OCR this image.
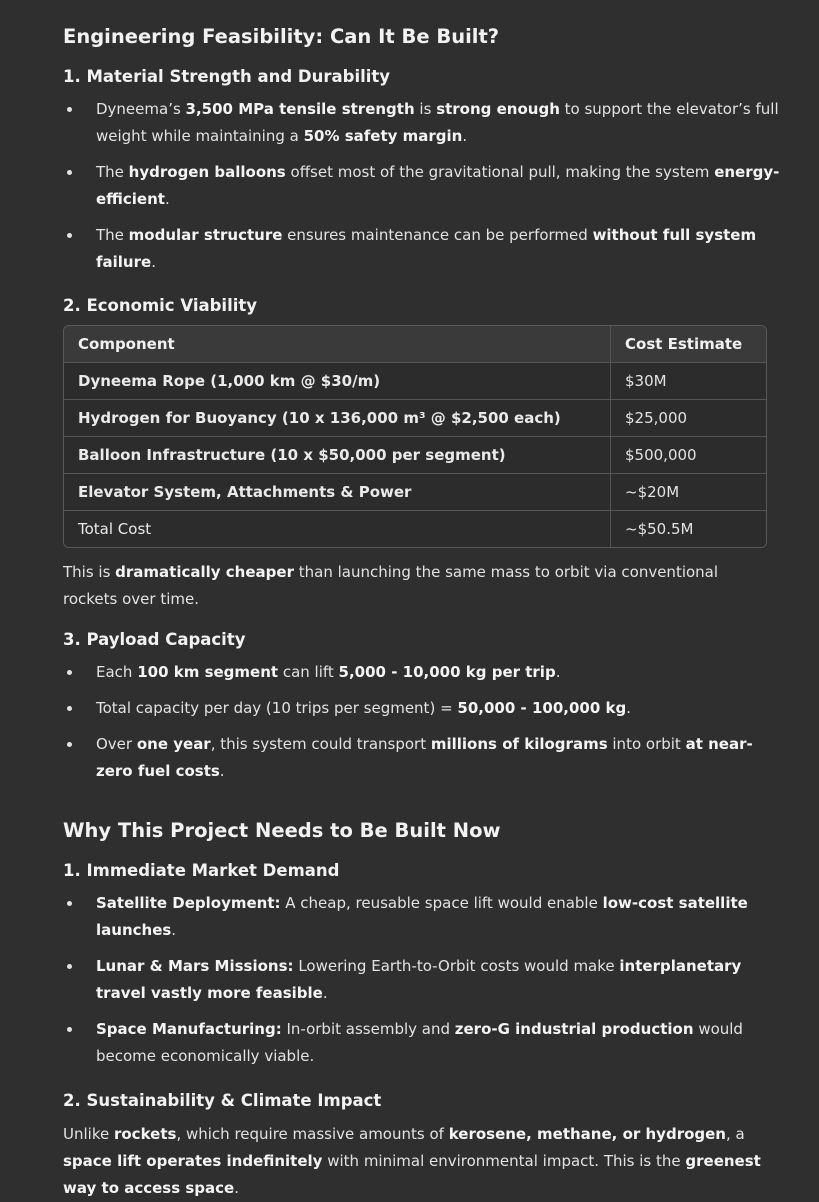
Engineering Feasibility: Can It Be Built?
1. Material Strength and Durability
Dyneema’s 3,500 MPa tensile strength is strong enough to support the elevator’s full weight while maintaining a 50% safety margin.
The hydrogen balloons offset most of the gravitational pull, making the system energy-efficient.
The modular structure ensures maintenance can be performed without full system failure.
2. Economic Viability
Component	Cost Estimate
Dyneema Rope (1,000 km @ $30/m)	$30M
Hydrogen for Buoyancy (10 x 136,000 m³ @ $2,500 each)	$25,000
Balloon Infrastructure (10 x $50,000 per segment)	$500,000
Elevator System, Attachments & Power	~$20M
Total Cost	~$50.5M

This is dramatically cheaper than launching the same mass to orbit via conventional rockets over time.

3. Payload Capacity
Each 100 km segment can lift 5,000 - 10,000 kg per trip.
Total capacity per day (10 trips per segment) = 50,000 - 100,000 kg.
Over one year, this system could transport millions of kilograms into orbit at near-zero fuel costs.
Why This Project Needs to Be Built Now
1. Immediate Market Demand
Satellite Deployment: A cheap, reusable space lift would enable low-cost satellite launches.
Lunar & Mars Missions: Lowering Earth-to-Orbit costs would make interplanetary travel vastly more feasible.
Space Manufacturing: In-orbit assembly and zero-G industrial production would become economically viable.
2. Sustainability & Climate Impact

Unlike rockets, which require massive amounts of kerosene, methane, or hydrogen, a space lift operates indefinitely with minimal environmental impact. This is the greenest way to access space.
